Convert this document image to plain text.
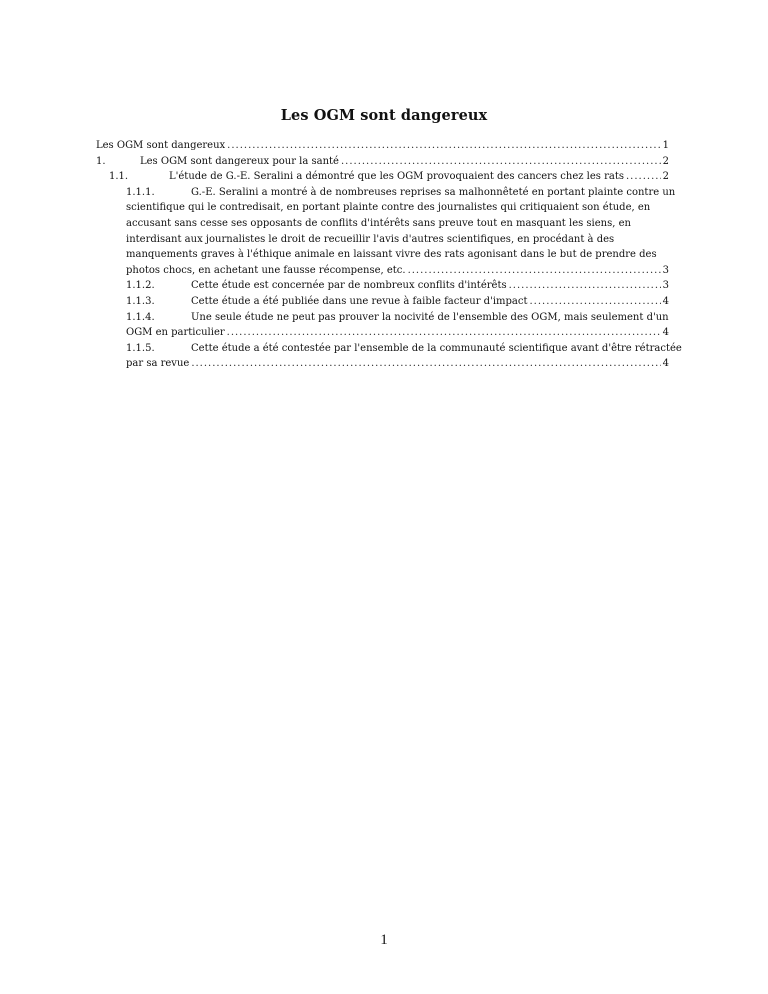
Les OGM sont dangereux
Les OGM sont dangereux .....	1
1.	Les OGM sont dangereux pour la santé .....	2
1.1.	L'étude de G.-E. Seralini a démontré que les OGM provoquaient des cancers chez les rats .....	2
1.1.1.	G.-E. Seralini a montré à de nombreuses reprises sa malhonnêteté en portant plainte contre un
scientifique qui le contredisait, en portant plainte contre des journalistes qui critiquaient son étude, en
accusant sans cesse ses opposants de conflits d'intérêts sans preuve tout en masquant les siens, en
interdisant aux journalistes le droit de recueillir l'avis d'autres scientifiques, en procédant à des
manquements graves à l'éthique animale en laissant vivre des rats agonisant dans le but de prendre des
photos chocs, en achetant une fausse récompense, etc. .....	3
1.1.2.	Cette étude est concernée par de nombreux conflits d'intérêts .....	3
1.1.3.	Cette étude a été publiée dans une revue à faible facteur d'impact .....	4
1.1.4.	Une seule étude ne peut pas prouver la nocivité de l'ensemble des OGM, mais seulement d'un
OGM en particulier .....	4
1.1.5.	Cette étude a été contestée par l'ensemble de la communauté scientifique avant d'être rétractée
par sa revue .....	4
1
